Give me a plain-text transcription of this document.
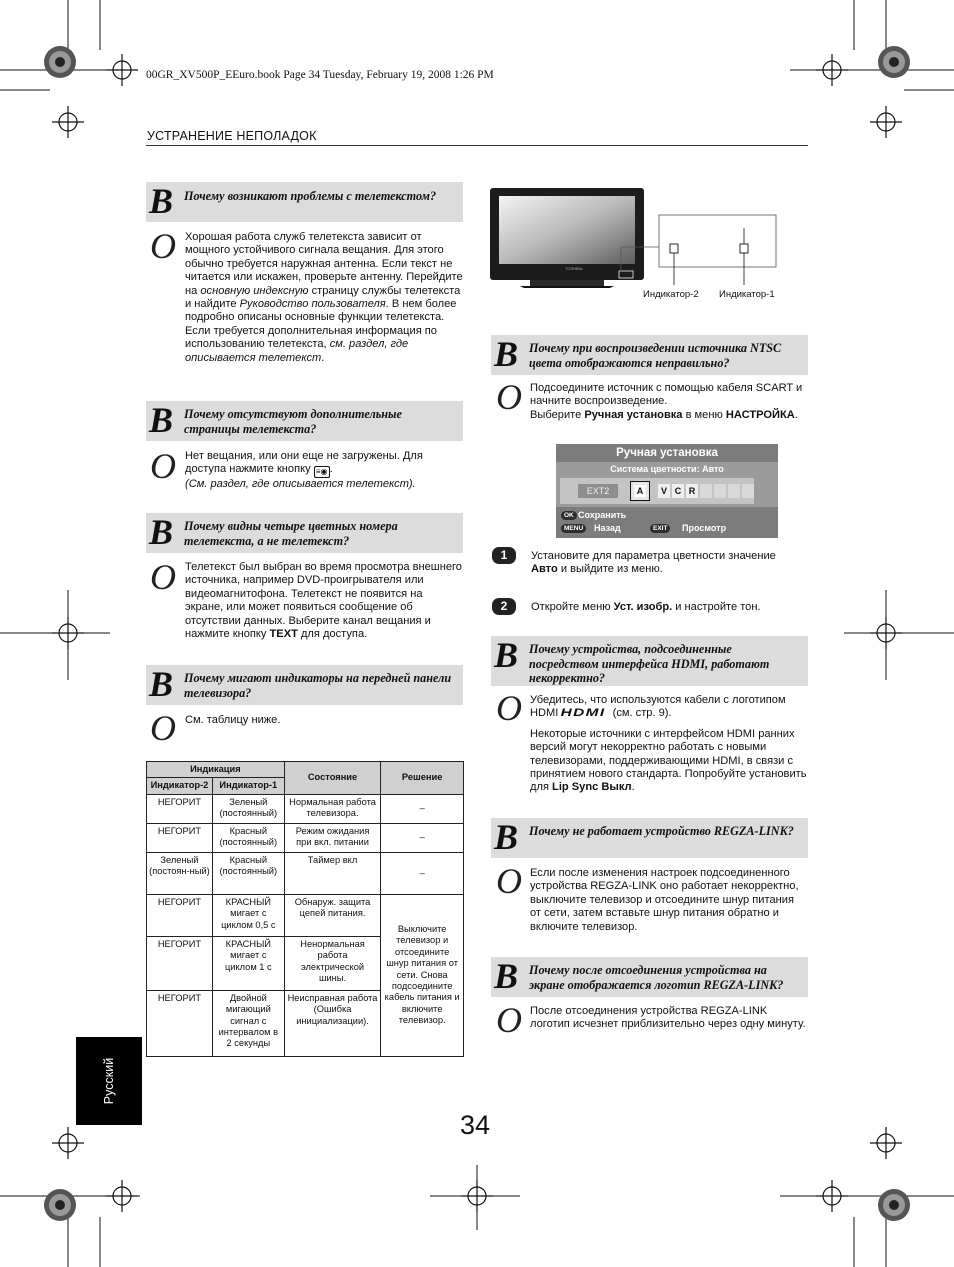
00GR_XV500P_EEuro.book Page 34 Tuesday, February 19, 2008 1:26 PM
УСТРАНЕНИЕ НЕПОЛАДОК
В Почему возникают проблемы с телетекстом?
О Хорошая работа служб телетекста зависит от мощного устойчивого сигнала вещания. Для этого обычно требуется наружная антенна. Если текст не читается или искажен, проверьте антенну. Перейдите на основную индексную страницу службы телетекста и найдите Руководство пользователя. В нем более подробно описаны основные функции телетекста. Если требуется дополнительная информация по использованию телетекста, см. раздел, где описывается телетекст.
В Почему отсутствуют дополнительные страницы телетекста?
О Нет вещания, или они еще не загружены. Для доступа нажмите кнопку ≡◉ .
(См. раздел, где описывается телетекст).
В Почему видны четыре цветных номера телетекста, а не телетекст?
О Телетекст был выбран во время просмотра внешнего источника, например DVD-проигрывателя или видеомагнитофона. Телетекст не появится на экране, или может появиться сообщение об отсутствии данных. Выберите канал вещания и нажмите кнопку TEXT для доступа.
В Почему мигают индикаторы на передней панели телевизора?
О См. таблицу ниже.
Индикация		Состояние	Решение
Индикатор-2	Индикатор-1		
НЕГОРИТ	Зеленый (постоянный)	Нормальная работа телевизора.	–
НЕГОРИТ	Красный (постоянный)	Режим ожидания при вкл. питании	–
Зеленый (постоян-ный)	Красный (постоянный)	Таймер вкл	–
НЕГОРИТ	КРАСНЫЙ мигает с циклом 0,5 с	Обнаруж. защита цепей питания.	Выключите телевизор и отсоедините шнур питания от сети. Снова подсоедините кабель питания и включите телевизор.
НЕГОРИТ	КРАСНЫЙ мигает с циклом 1 с	Ненормальная работа электрической шины.	
НЕГОРИТ	Двойной мигающий сигнал с интервалом в 2 секунды	Неисправная работа (Ошибка инициализации).	
Русский
TOSHIBA
Индикатор-2 Индикатор-1
В Почему при воспроизведении источника NTSC цвета отображаются неправильно?
О Подсоедините источник с помощью кабеля SCART и начните воспроизведение.
Выберите Ручная установка в меню НАСТРОЙКА.
Ручная установка
Система цветности: Авто
EXT2	A	V C R
OK Сохранить
MENU	Назад	EXIT	Просмотр
1	Установите для параметра цветности значение Авто и выйдите из меню.
2	Откройте меню Уст. изобр. и настройте тон.
В Почему устройства, подсоединенные посредством интерфейса HDMI, работают некорректно?
О Убедитесь, что используются кабели с логотипом HDMI HDMI (см. стр. 9).
Некоторые источники с интерфейсом HDMI ранних версий могут некорректно работать с новыми телевизорами, поддерживающими HDMI, в связи с принятием нового стандарта. Попробуйте установить для Lip Sync Выкл.
В Почему не работает устройство REGZA-LINK?
О Если после изменения настроек подсоединенного устройства REGZA-LINK оно работает некорректно, выключите телевизор и отсоедините шнур питания от сети, затем вставьте шнур питания обратно и включите телевизор.
В Почему после отсоединения устройства на экране отображается логотип REGZA-LINK?
О После отсоединения устройства REGZA-LINK логотип исчезнет приблизительно через одну минуту.
34
